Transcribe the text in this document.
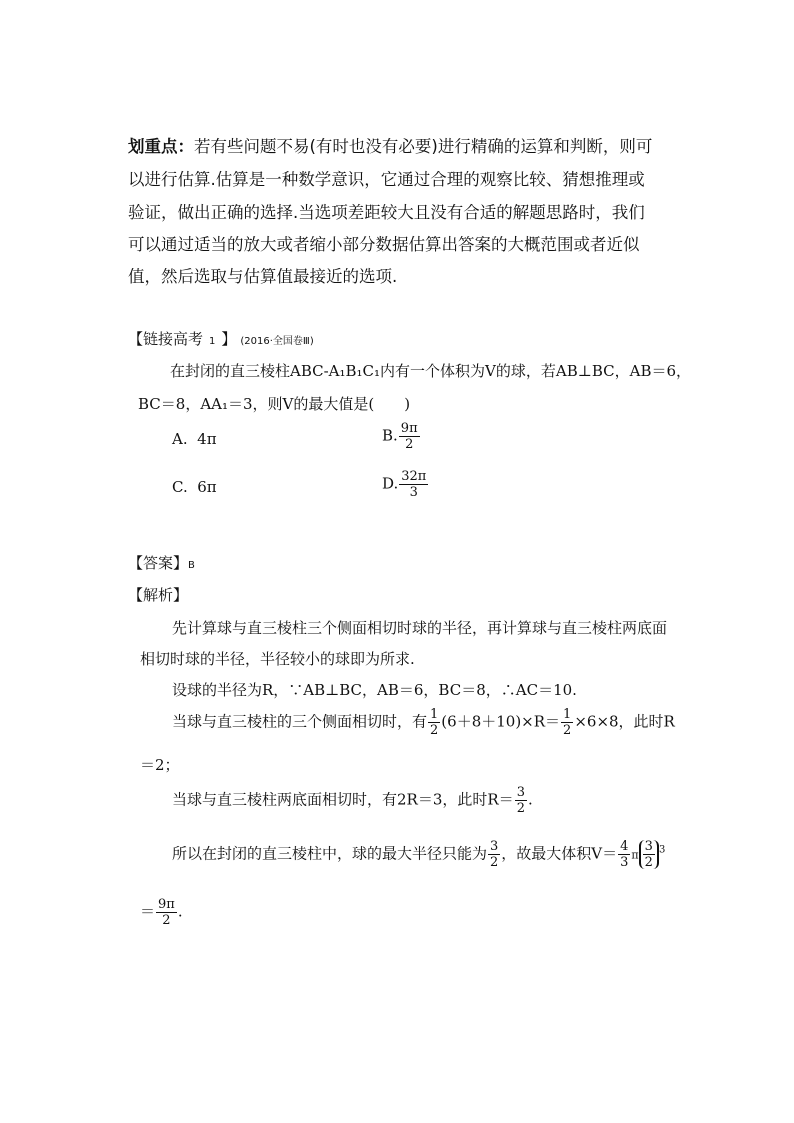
划重点：若有些问题不易(有时也没有必要)进行精确的运算和判断，则可
以进行估算.估算是一种数学意识，它通过合理的观察比较、猜想推理或
验证，做出正确的选择.当选项差距较大且没有合适的解题思路时，我们
可以通过适当的放大或者缩小部分数据估算出答案的大概范围或者近似
值，然后选取与估算值最接近的选项.
【链接高考 1 】 (2016·全国卷Ⅲ)
在封闭的直三棱柱ABC-A₁B₁C₁内有一个体积为V的球，若AB⊥BC，AB＝6，
BC＝8，AA₁＝3，则V的最大值是(　　)
A. 4π	B. $\frac{9\pi}{2}$
C. 6π	D. $\frac{32\pi}{3}$
【答案】B
【解析】
先计算球与直三棱柱三个侧面相切时球的半径，再计算球与直三棱柱两底面
相切时球的半径，半径较小的球即为所求.
设球的半径为R，∵AB⊥BC，AB＝6，BC＝8，∴AC＝10.
当球与直三棱柱的三个侧面相切时，有 $\frac{1}{2} (6+8+10)\times R= \frac{1}{2} \times 6\times 8$，此时R
＝2；
当球与直三棱柱两底面相切时，有2R＝3，此时$R= \frac{3}{2}$ .
所以在封闭的直三棱柱中，球的最大半径只能为 $\frac{3}{2}$ ，故最大体积$V= \frac{4}{3}$ π $\frac{3}{2} ^3$
＝ $\frac{9\pi}{2}$ .
